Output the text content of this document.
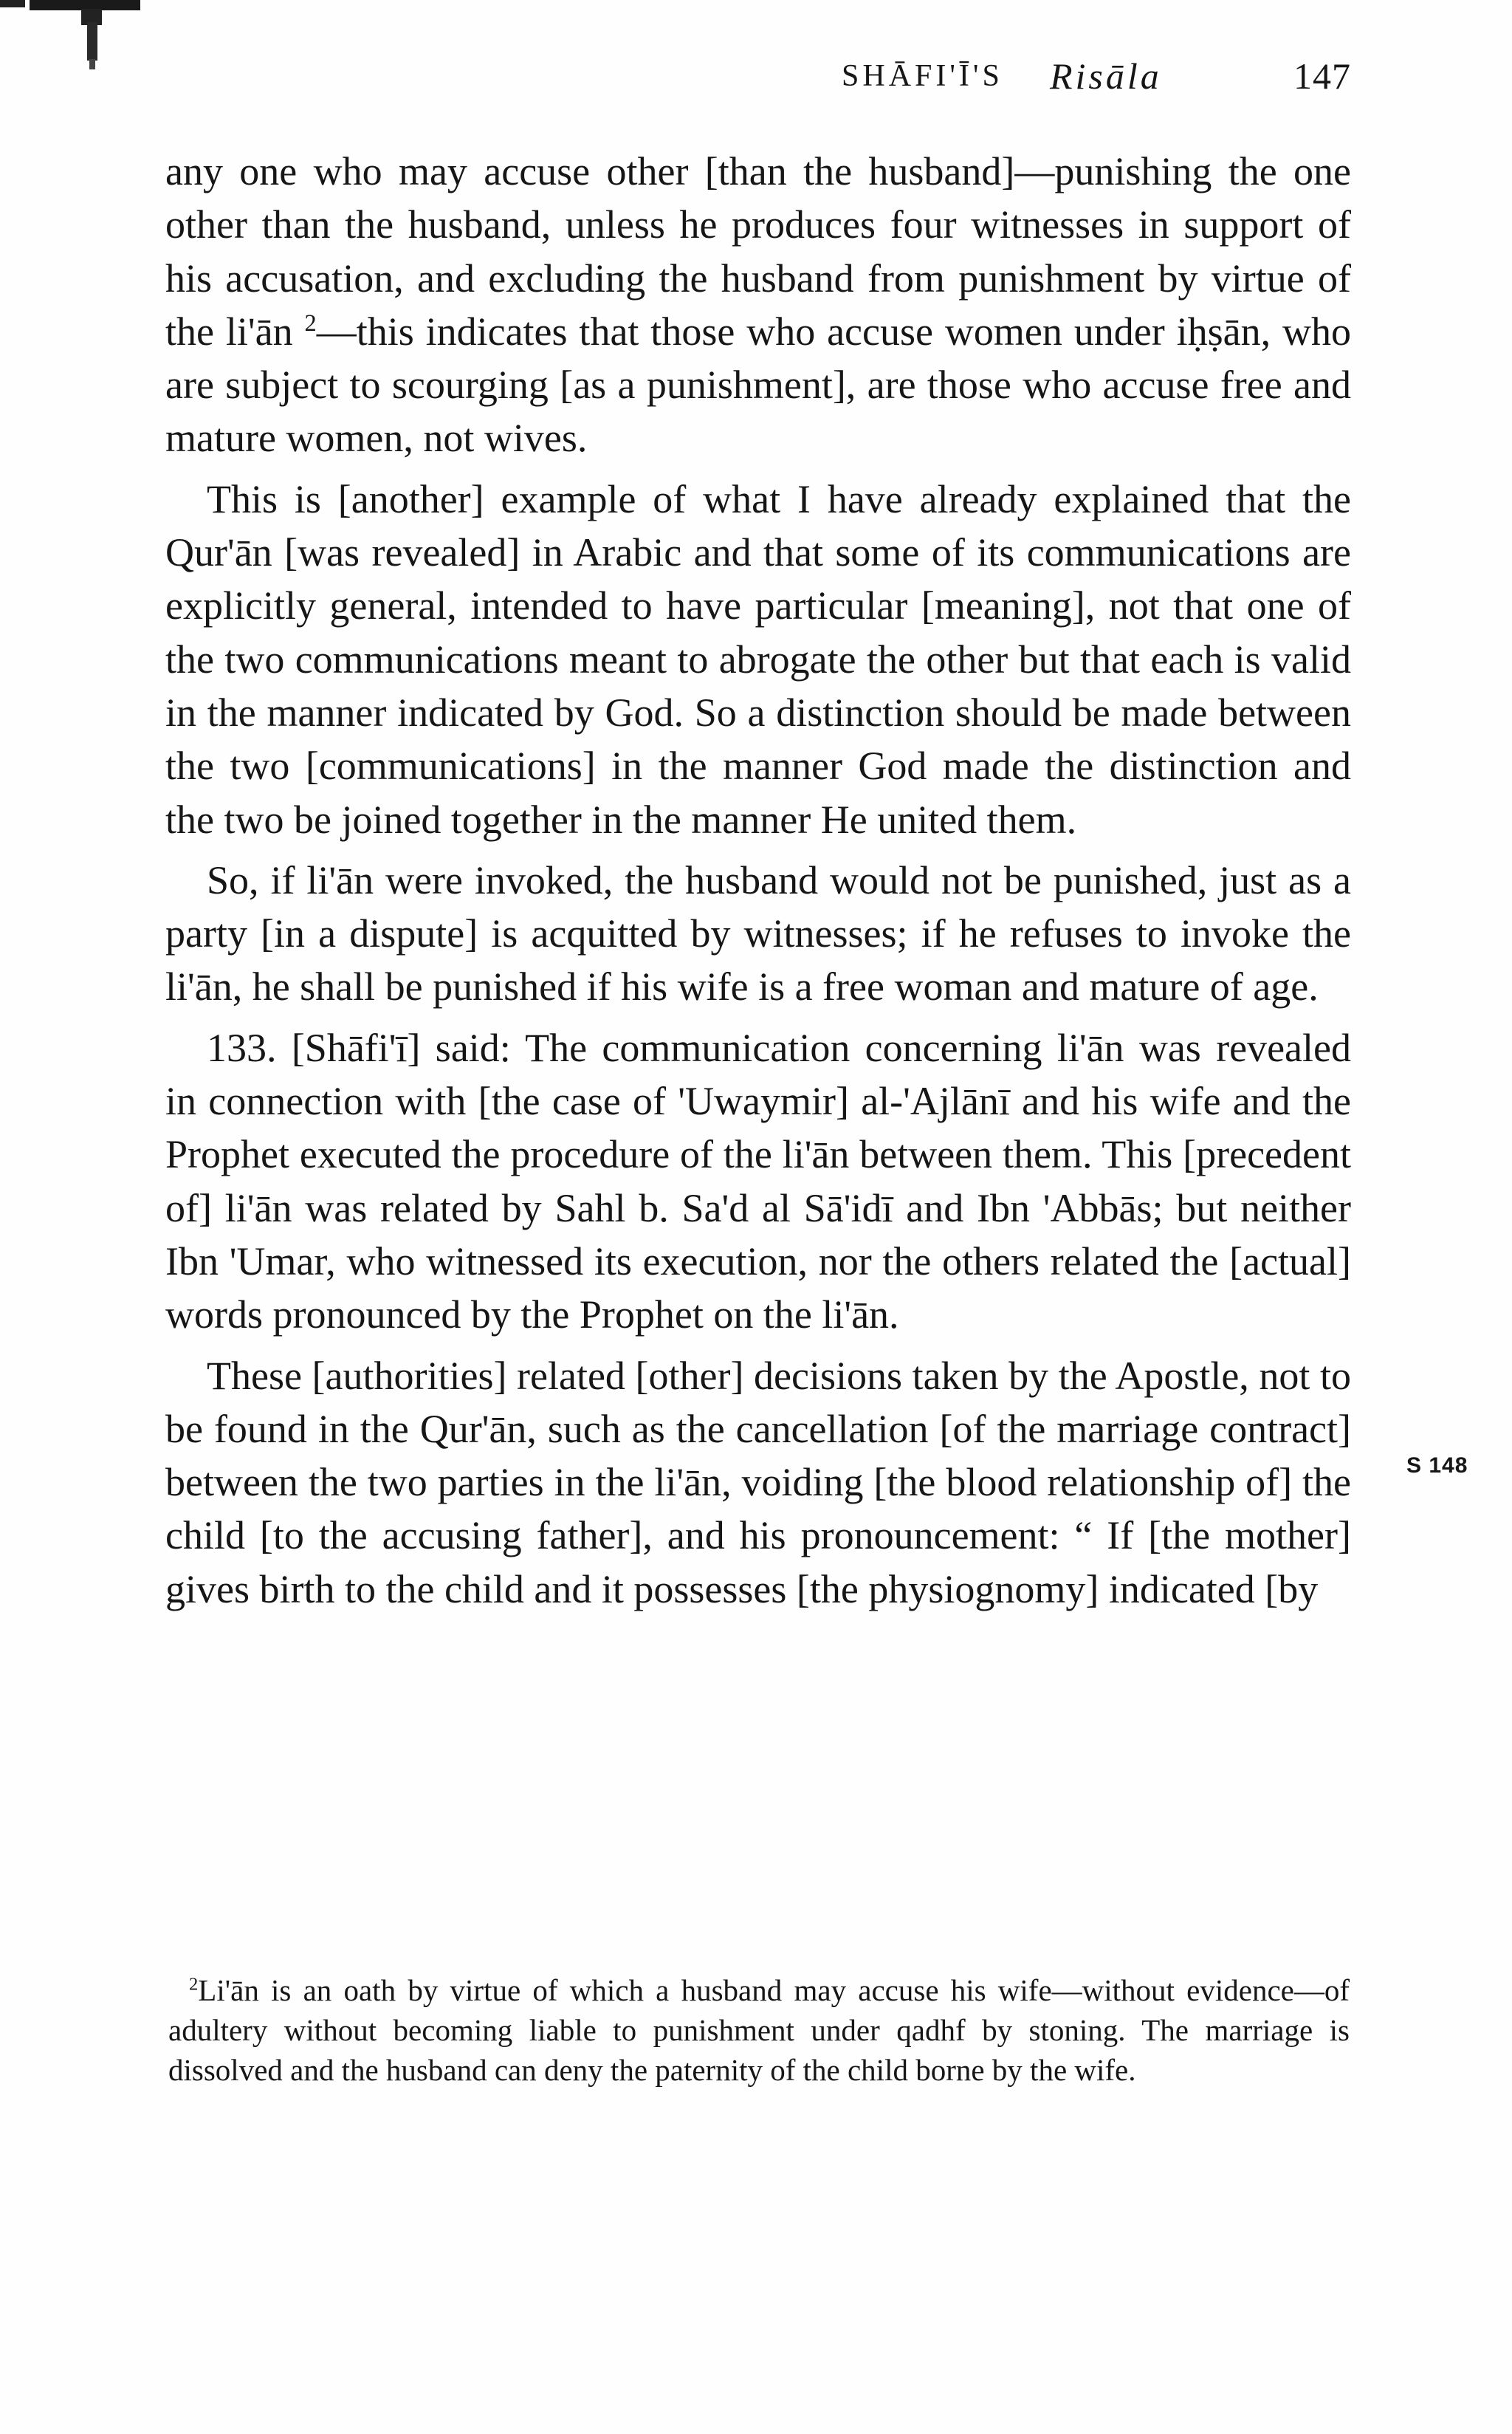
SHĀFI'Ī'S Risāla	147

any one who may accuse other [than the husband]—punishing the one other than the husband, unless he produces four witnesses in support of his accusation, and excluding the husband from punishment by virtue of the li'ān $^2$—this indicates that those who accuse women under iḥṣān, who are subject to scourging [as a punishment], are those who accuse free and mature women, not wives.

This is [another] example of what I have already explained that the Qur'ān [was revealed] in Arabic and that some of its communications are explicitly general, intended to have particular [meaning], not that one of the two communications meant to abrogate the other but that each is valid in the manner indicated by God. So a distinction should be made between the two [communications] in the manner God made the distinction and the two be joined together in the manner He united them.

So, if li'ān were invoked, the husband would not be punished, just as a party [in a dispute] is acquitted by witnesses; if he refuses to invoke the li'ān, he shall be punished if his wife is a free woman and mature of age.

133. [Shāfi'ī] said: The communication concerning li'ān was revealed in connection with [the case of 'Uwaymir] al-'Ajlānī and his wife and the Prophet executed the procedure of the li'ān between them. This [precedent of] li'ān was related by Sahl b. Sa'd al Sā'idī and Ibn 'Abbās; but neither Ibn 'Umar, who witnessed its execution, nor the others related the [actual] words pronounced by the Prophet on the li'ān.

These [authorities] related [other] decisions taken by the Apostle, not to be found in the Qur'ān, such as the cancellation [of the marriage contract] between the two parties in the li'ān, voiding [the blood relationship of] the child [to the accusing father], and his pronouncement: “ If [the mother] gives birth to the child and it possesses [the physiognomy] indicated [by

S 148

$^2$Li'ān is an oath by virtue of which a husband may accuse his wife—without evidence—of adultery without becoming liable to punishment under qadhf by stoning. The marriage is dissolved and the husband can deny the paternity of the child borne by the wife.
